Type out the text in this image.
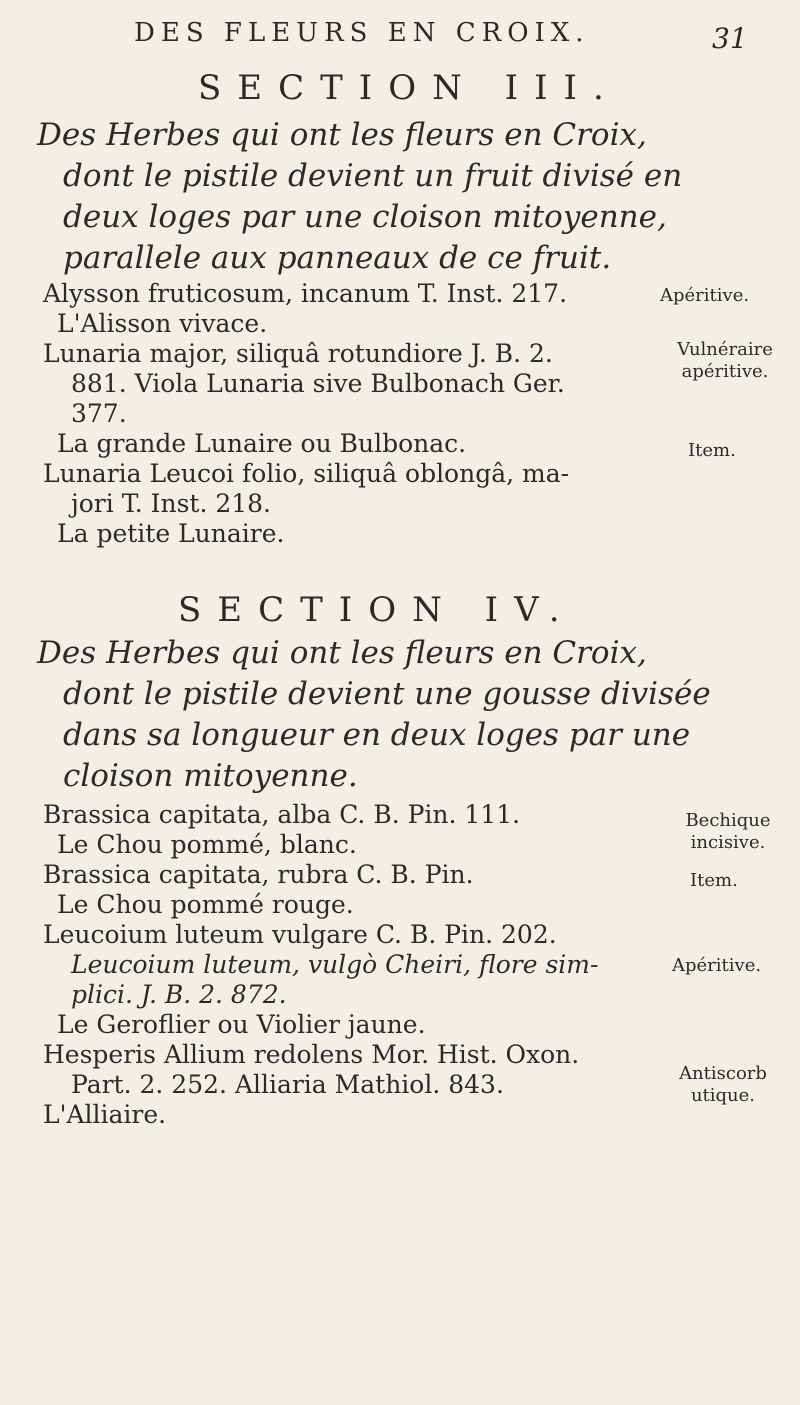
DES FLEURS EN CROIX.	31
SECTION III.
Des Herbes qui ont les fleurs en Croix,
dont le pistile devient un fruit divisé en
deux loges par une cloison mitoyenne,
parallele aux panneaux de ce fruit.
Alysson fruticosum, incanum T. Inst. 217.
L'Alisson vivace.
Lunaria major, siliquâ rotundiore J. B. 2.
881. Viola Lunaria sive Bulbonach Ger.
377.
La grande Lunaire ou Bulbonac.
Lunaria Leucoi folio, siliquâ oblongâ, ma-
jori T. Inst. 218.
La petite Lunaire.
Apéritive.
Vulnéraire apéritive.
Item.
SECTION IV.
Des Herbes qui ont les fleurs en Croix,
dont le pistile devient une gousse divisée
dans sa longueur en deux loges par une
cloison mitoyenne.
Brassica capitata, alba C. B. Pin. 111.
Le Chou pommé, blanc.
Brassica capitata, rubra C. B. Pin.
Le Chou pommé rouge.
Leucoium luteum vulgare C. B. Pin. 202.
Leucoium luteum, vulgò Cheiri, flore sim-
plici. J. B. 2. 872.
Le Geroflier ou Violier jaune.
Hesperis Allium redolens Mor. Hist. Oxon.
Part. 2. 252. Alliaria Mathiol. 843.
L'Alliaire.
Bechique incisive.
Item.
Apéritive.
Antiscorbutique.
